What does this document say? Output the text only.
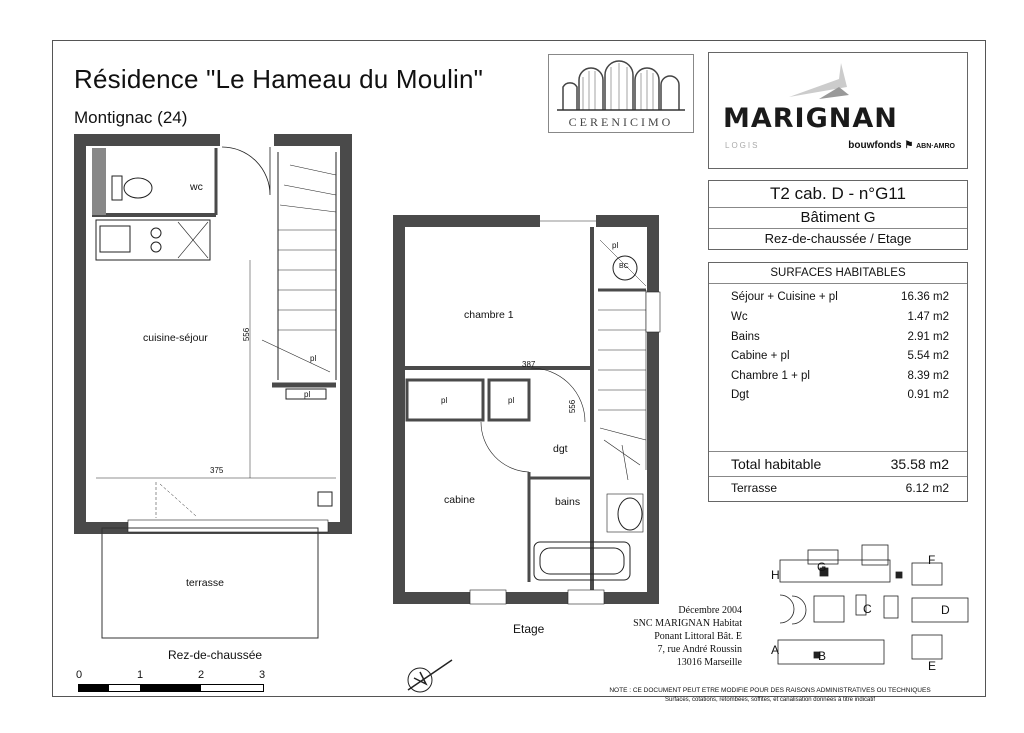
Résidence "Le Hameau du Moulin"
Montignac (24)	CERENICIMO	MARIGNAN
LOGIS	bouwfonds ⚑ ABN·AMRO
T2 cab. D - n°G11
Bâtiment G
Rez-de-chaussée / Etage
SURFACES HABITABLES
Séjour + Cuisine + pl	16.36 m2
Wc	1.47 m2
Bains	2.91 m2
Cabine + pl	5.54 m2
Chambre 1 + pl	8.39 m2
Dgt	0.91 m2
Total habitable	35.58 m2
Terrasse	6.12 m2
wc
cuisine-séjour
terrasse
375
556
pl
pl
Rez-de-chaussée
chambre 1
cabine
dgt
bains
pl	pl
pl
BC
387
556
Etage
0	1	2	3
Décembre 2004
SNC MARIGNAN Habitat
Ponant Littoral Bât. E
7, rue André Roussin
13016 Marseille
F
G
H
C	D
A	B
E
NOTE : CE DOCUMENT PEUT ETRE MODIFIE POUR DES RAISONS ADMINISTRATIVES OU TECHNIQUES
Surfaces, cotations, retombées, soffites, et canalisation données à titre indicatif
